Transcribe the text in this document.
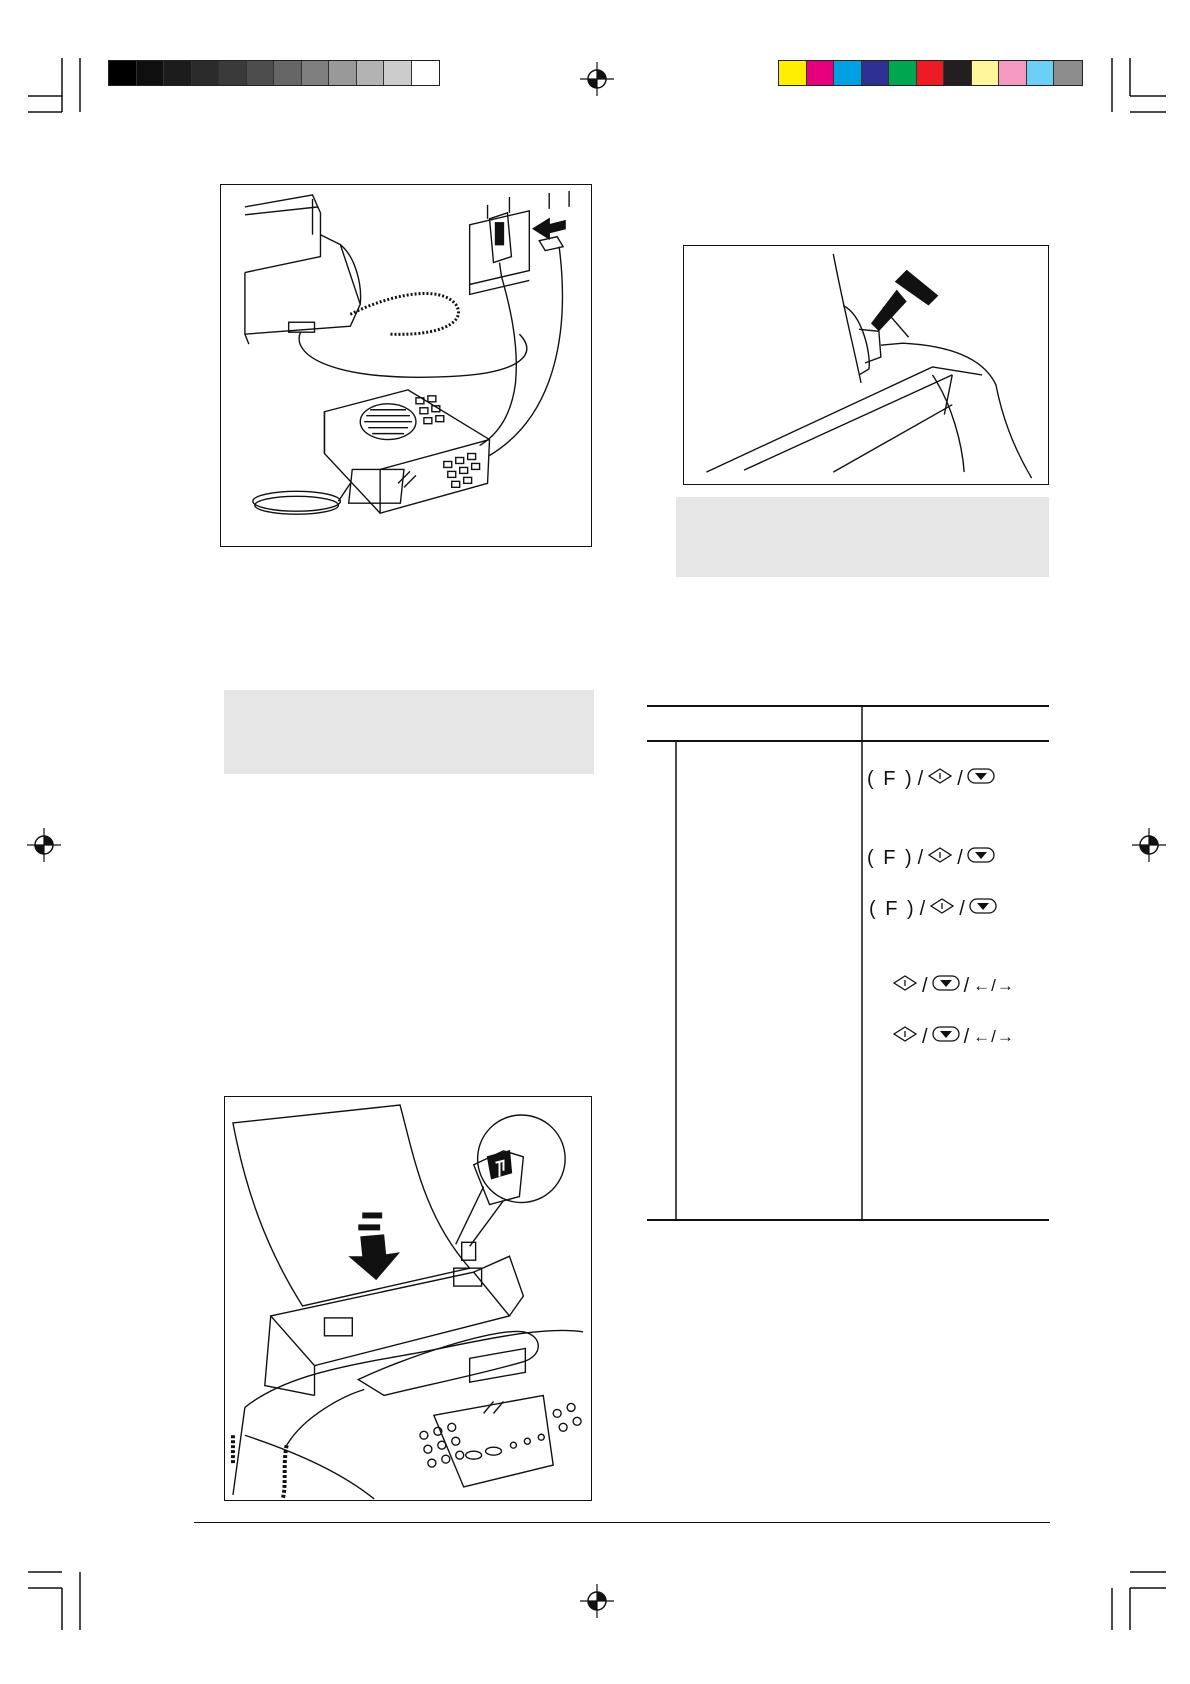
( F ) / /
( F ) / /
( F ) / /
/ / ←/→
/ / ←/→
